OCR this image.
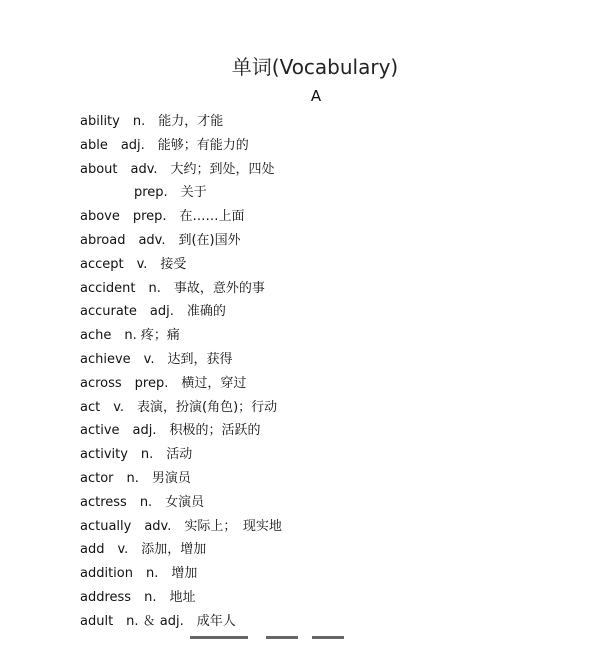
单词(Vocabulary)
A
ability　n.　能力，才能
able　adj.　能够；有能力的
about　adv.　大约；到处，四处
prep.　关于
above　prep.　在……上面
abroad　adv.　到(在)国外
accept　v.　接受
accident　n.　事故，意外的事
accurate　adj.　准确的
ache　n. 疼；痛
achieve　v.　达到，获得
across　prep.　横过，穿过
act　v.　表演，扮演(角色)；行动
active　adj.　积极的；活跃的
activity　n.　活动
actor　n.　男演员
actress　n.　女演员
actually　adv.　实际上；　现实地
add　v.　添加，增加
addition　n.　增加
address　n.　地址
adult　n. ＆ adj.　成年人
